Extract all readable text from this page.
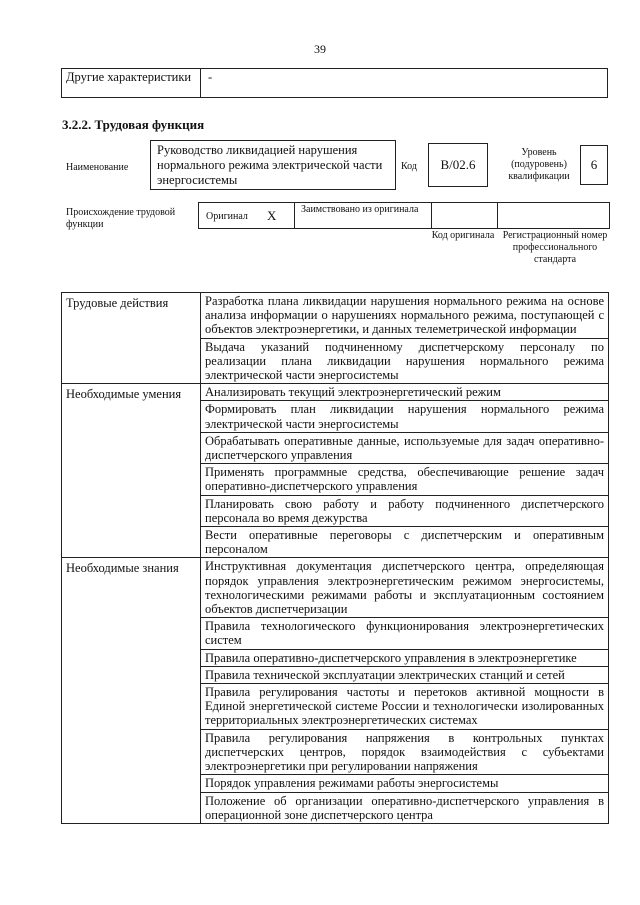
39
Другие характеристики	-
3.2.2. Трудовая функция
Наименование
Руководство ликвидацией нарушения нормального режима электрической части энергосистемы
Код	B/02.6
Уровень (подуровень) квалификации
6
Происхождение трудовой функции
Оригинал X Заимствовано из оригинала
Код оригинала Регистрационный номер профессионального стандарта
Трудовые действия	Разработка плана ликвидации нарушения нормального режима на основе анализа информации о нарушениях нормального режима, поступающей с объектов электроэнергетики, и данных телеметрической информации
	Выдача указаний подчиненному диспетчерскому персоналу по реализации плана ликвидации нарушения нормального режима электрической части энергосистемы
Необходимые умения	Анализировать текущий электроэнергетический режим
	Формировать план ликвидации нарушения нормального режима электрической части энергосистемы
	Обрабатывать оперативные данные, используемые для задач оперативно-диспетчерского управления
	Применять программные средства, обеспечивающие решение задач оперативно-диспетчерского управления
	Планировать свою работу и работу подчиненного диспетчерского персонала во время дежурства
	Вести оперативные переговоры с диспетчерским и оперативным персоналом
Необходимые знания	Инструктивная документация диспетчерского центра, определяющая порядок управления электроэнергетическим режимом энергосистемы, технологическими режимами работы и эксплуатационным состоянием объектов диспетчеризации
	Правила технологического функционирования электроэнергетических систем
	Правила оперативно-диспетчерского управления в электроэнергетике
	Правила технической эксплуатации электрических станций и сетей
	Правила регулирования частоты и перетоков активной мощности в Единой энергетической системе России и технологически изолированных территориальных электроэнергетических системах
	Правила регулирования напряжения в контрольных пунктах диспетчерских центров, порядок взаимодействия с субъектами электроэнергетики при регулировании напряжения
	Порядок управления режимами работы энергосистемы
	Положение об организации оперативно-диспетчерского управления в операционной зоне диспетчерского центра
